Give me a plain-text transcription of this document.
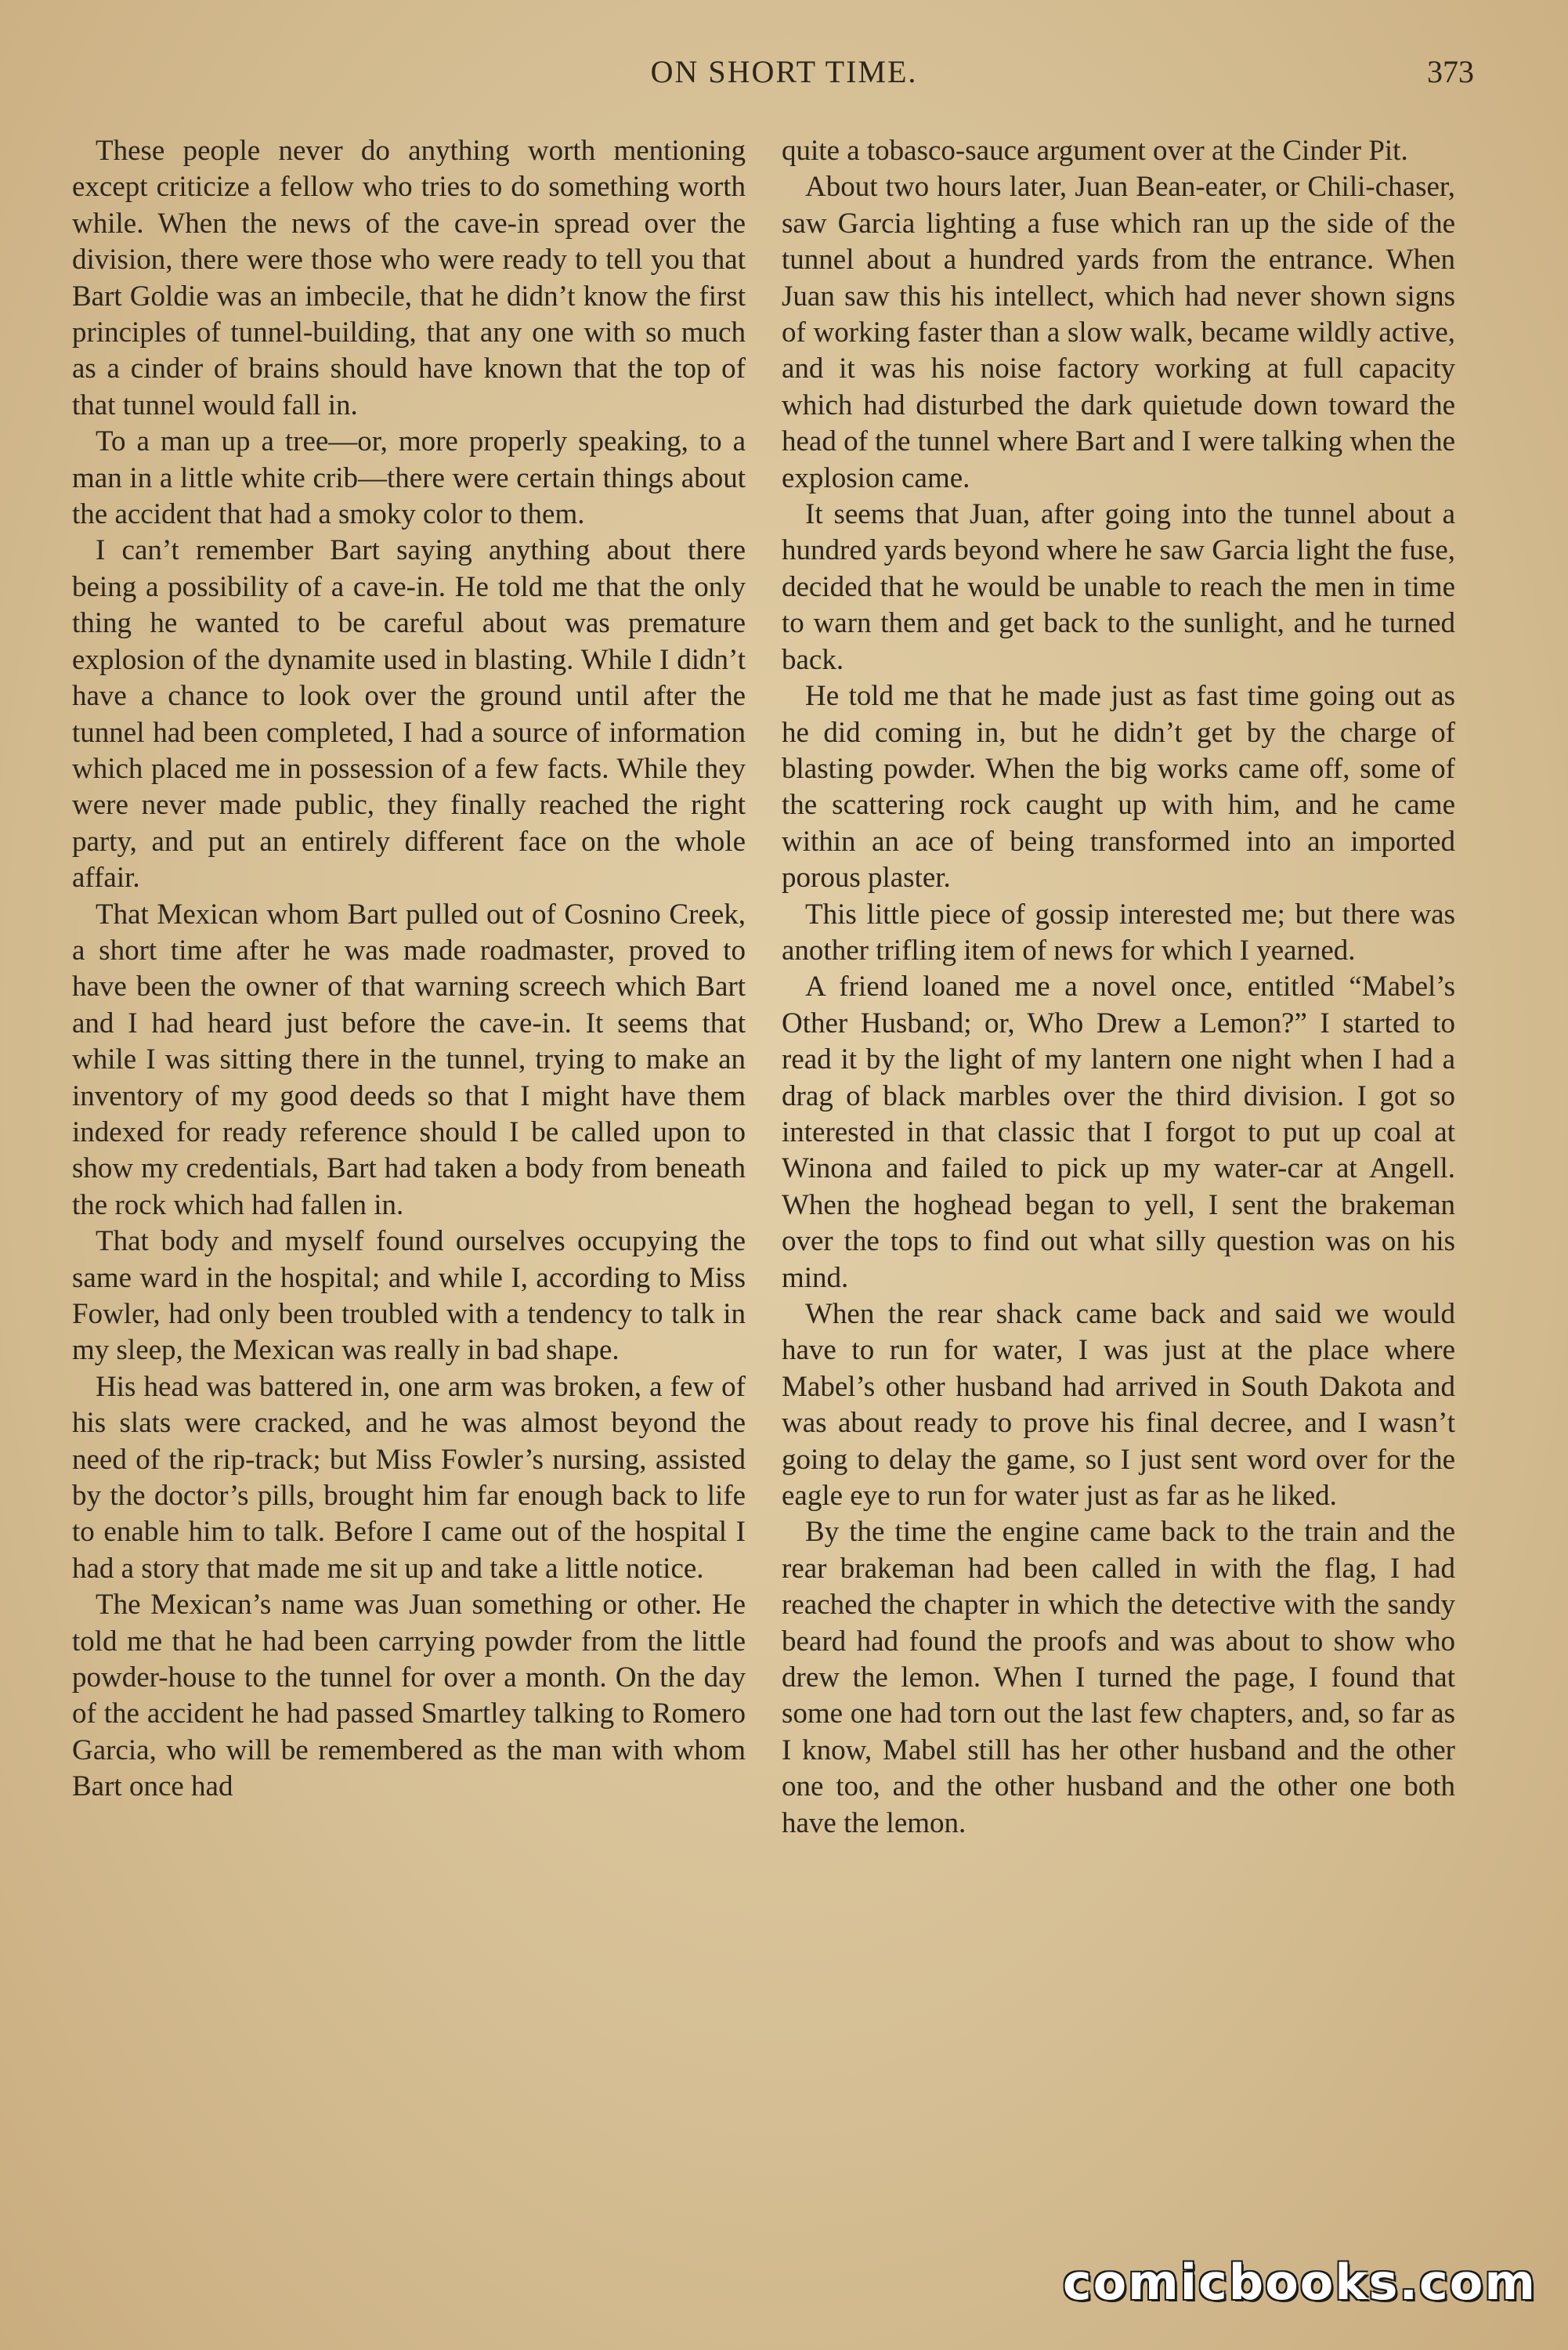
ON SHORT TIME.	373

These people never do anything worth mentioning except criticize a fellow who tries to do something worth while. When the news of the cave-in spread over the division, there were those who were ready to tell you that Bart Goldie was an imbecile, that he didn’t know the first principles of tunnel-building, that any one with so much as a cinder of brains should have known that the top of that tunnel would fall in.

To a man up a tree—or, more properly speaking, to a man in a little white crib—there were certain things about the accident that had a smoky color to them.

I can’t remember Bart saying anything about there being a possibility of a cave-in. He told me that the only thing he wanted to be careful about was premature explosion of the dynamite used in blasting. While I didn’t have a chance to look over the ground until after the tunnel had been completed, I had a source of information which placed me in possession of a few facts. While they were never made public, they finally reached the right party, and put an entirely different face on the whole affair.

That Mexican whom Bart pulled out of Cosnino Creek, a short time after he was made roadmaster, proved to have been the owner of that warning screech which Bart and I had heard just before the cave-in. It seems that while I was sitting there in the tunnel, trying to make an inventory of my good deeds so that I might have them indexed for ready reference should I be called upon to show my credentials, Bart had taken a body from beneath the rock which had fallen in.

That body and myself found ourselves occupying the same ward in the hospital; and while I, according to Miss Fowler, had only been troubled with a tendency to talk in my sleep, the Mexican was really in bad shape.

His head was battered in, one arm was broken, a few of his slats were cracked, and he was almost beyond the need of the rip-track; but Miss Fowler’s nursing, assisted by the doctor’s pills, brought him far enough back to life to enable him to talk. Before I came out of the hospital I had a story that made me sit up and take a little notice.

The Mexican’s name was Juan something or other. He told me that he had been carrying powder from the little powder-house to the tunnel for over a month. On the day of the accident he had passed Smartley talking to Romero Garcia, who will be remembered as the man with whom Bart once had

quite a tobasco-sauce argument over at the Cinder Pit.

About two hours later, Juan Bean-eater, or Chili-chaser, saw Garcia lighting a fuse which ran up the side of the tunnel about a hundred yards from the entrance. When Juan saw this his intellect, which had never shown signs of working faster than a slow walk, became wildly active, and it was his noise factory working at full capacity which had disturbed the dark quietude down toward the head of the tunnel where Bart and I were talking when the explosion came.

It seems that Juan, after going into the tunnel about a hundred yards beyond where he saw Garcia light the fuse, decided that he would be unable to reach the men in time to warn them and get back to the sunlight, and he turned back.

He told me that he made just as fast time going out as he did coming in, but he didn’t get by the charge of blasting powder. When the big works came off, some of the scattering rock caught up with him, and he came within an ace of being transformed into an imported porous plaster.

This little piece of gossip interested me; but there was another trifling item of news for which I yearned.

A friend loaned me a novel once, entitled “Mabel’s Other Husband; or, Who Drew a Lemon?” I started to read it by the light of my lantern one night when I had a drag of black marbles over the third division. I got so interested in that classic that I forgot to put up coal at Winona and failed to pick up my water-car at Angell. When the hoghead began to yell, I sent the brakeman over the tops to find out what silly question was on his mind.

When the rear shack came back and said we would have to run for water, I was just at the place where Mabel’s other husband had arrived in South Dakota and was about ready to prove his final decree, and I wasn’t going to delay the game, so I just sent word over for the eagle eye to run for water just as far as he liked.

By the time the engine came back to the train and the rear brakeman had been called in with the flag, I had reached the chapter in which the detective with the sandy beard had found the proofs and was about to show who drew the lemon. When I turned the page, I found that some one had torn out the last few chapters, and, so far as I know, Mabel still has her other husband and the other one too, and the other husband and the other one both have the lemon.

comicbooks.com
